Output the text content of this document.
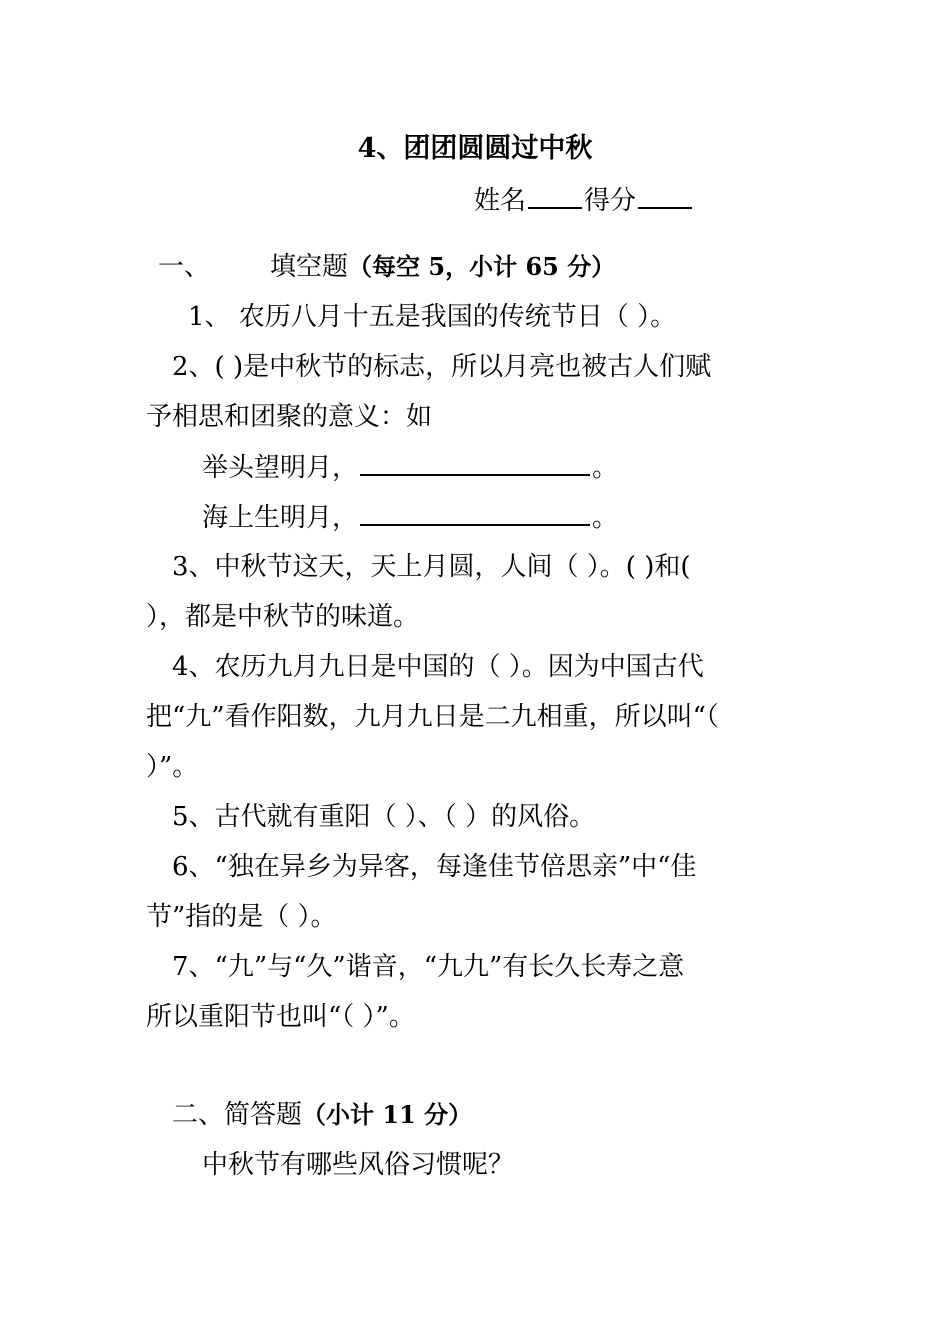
4、团团圆圆过中秋
姓名 得分
一、 填空题（每空 5，小计 65 分）
1、 农历八月十五是我国的传统节日（ ）。
2、( )是中秋节的标志，所以月亮也被古人们赋
予相思和团聚的意义：如
举头望明月，	。
海上生明月，	。
3、中秋节这天，天上月圆，人间（ ）。( )和(
），都是中秋节的味道。
4、农历九月九日是中国的（ ）。因为中国古代
把“九”看作阳数，九月九日是二九相重，所以叫“（
）”。
5、古代就有重阳（ ）、（ ）的风俗。
6、“独在异乡为异客，每逢佳节倍思亲”中“佳
节”指的是（ ）。
7、“九”与“久”谐音，“九九”有长久长寿之意
所以重阳节也叫“（ ）”。
二、简答题（小计 11 分）
中秋节有哪些风俗习惯呢？
